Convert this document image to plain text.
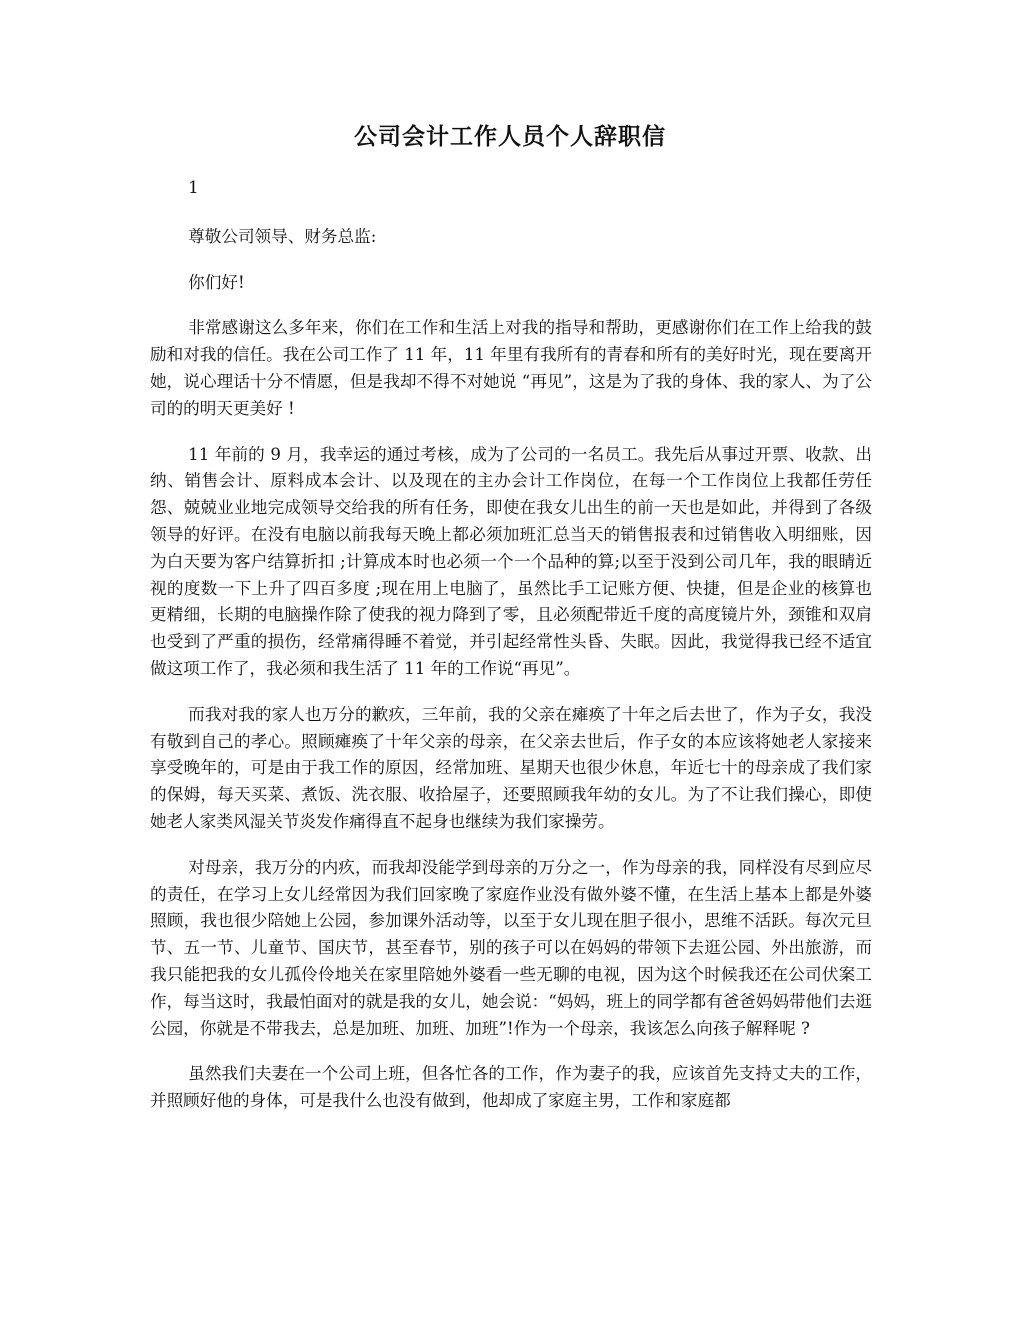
公司会计工作人员个人辞职信

1

尊敬公司领导、财务总监:

你们好!

非常感谢这么多年来，你们在工作和生活上对我的指导和帮助，更感谢你们在工作上给我的鼓励和对我的信任。我在公司工作了 11 年，11 年里有我所有的青春和所有的美好时光，现在要离开她，说心理话十分不情愿，但是我却不得不对她说 “再见”，这是为了我的身体、我的家人、为了公司的的明天更美好 !

11 年前的 9 月，我幸运的通过考核，成为了公司的一名员工。我先后从事过开票、收款、出纳、销售会计、原料成本会计、以及现在的主办会计工作岗位，在每一个工作岗位上我都任劳任怨、兢兢业业地完成领导交给我的所有任务，即使在我女儿出生的前一天也是如此，并得到了各级领导的好评。在没有电脑以前我每天晚上都必须加班汇总当天的销售报表和过销售收入明细账，因为白天要为客户结算折扣 ;计算成本时也必须一个一个品种的算;以至于没到公司几年，我的眼睛近视的度数一下上升了四百多度 ;现在用上电脑了，虽然比手工记账方便、快捷，但是企业的核算也更精细，长期的电脑操作除了使我的视力降到了零，且必须配带近千度的高度镜片外，颈锥和双肩也受到了严重的损伤，经常痛得睡不着觉，并引起经常性头昏、失眠。因此，我觉得我已经不适宜做这项工作了，我必须和我生活了 11 年的工作说“再见”。

而我对我的家人也万分的歉疚，三年前，我的父亲在瘫痪了十年之后去世了，作为子女，我没有敬到自己的孝心。照顾瘫痪了十年父亲的母亲，在父亲去世后，作子女的本应该将她老人家接来享受晚年的，可是由于我工作的原因，经常加班、星期天也很少休息，年近七十的母亲成了我们家的保姆，每天买菜、煮饭、洗衣服、收拾屋子，还要照顾我年幼的女儿。为了不让我们操心，即使她老人家类风湿关节炎发作痛得直不起身也继续为我们家操劳。

对母亲，我万分的内疚，而我却没能学到母亲的万分之一，作为母亲的我，同样没有尽到应尽的责任，在学习上女儿经常因为我们回家晚了家庭作业没有做外婆不懂，在生活上基本上都是外婆照顾，我也很少陪她上公园，参加课外活动等，以至于女儿现在胆子很小，思维不活跃。每次元旦节、五一节、儿童节、国庆节，甚至春节，别的孩子可以在妈妈的带领下去逛公园、外出旅游，而我只能把我的女儿孤伶伶地关在家里陪她外婆看一些无聊的电视，因为这个时候我还在公司伏案工作，每当这时，我最怕面对的就是我的女儿，她会说：“妈妈，班上的同学都有爸爸妈妈带他们去逛公园，你就是不带我去，总是加班、加班、加班”!作为一个母亲，我该怎么向孩子解释呢 ?

虽然我们夫妻在一个公司上班，但各忙各的工作，作为妻子的我，应该首先支持丈夫的工作，并照顾好他的身体，可是我什么也没有做到，他却成了家庭主男，工作和家庭都
